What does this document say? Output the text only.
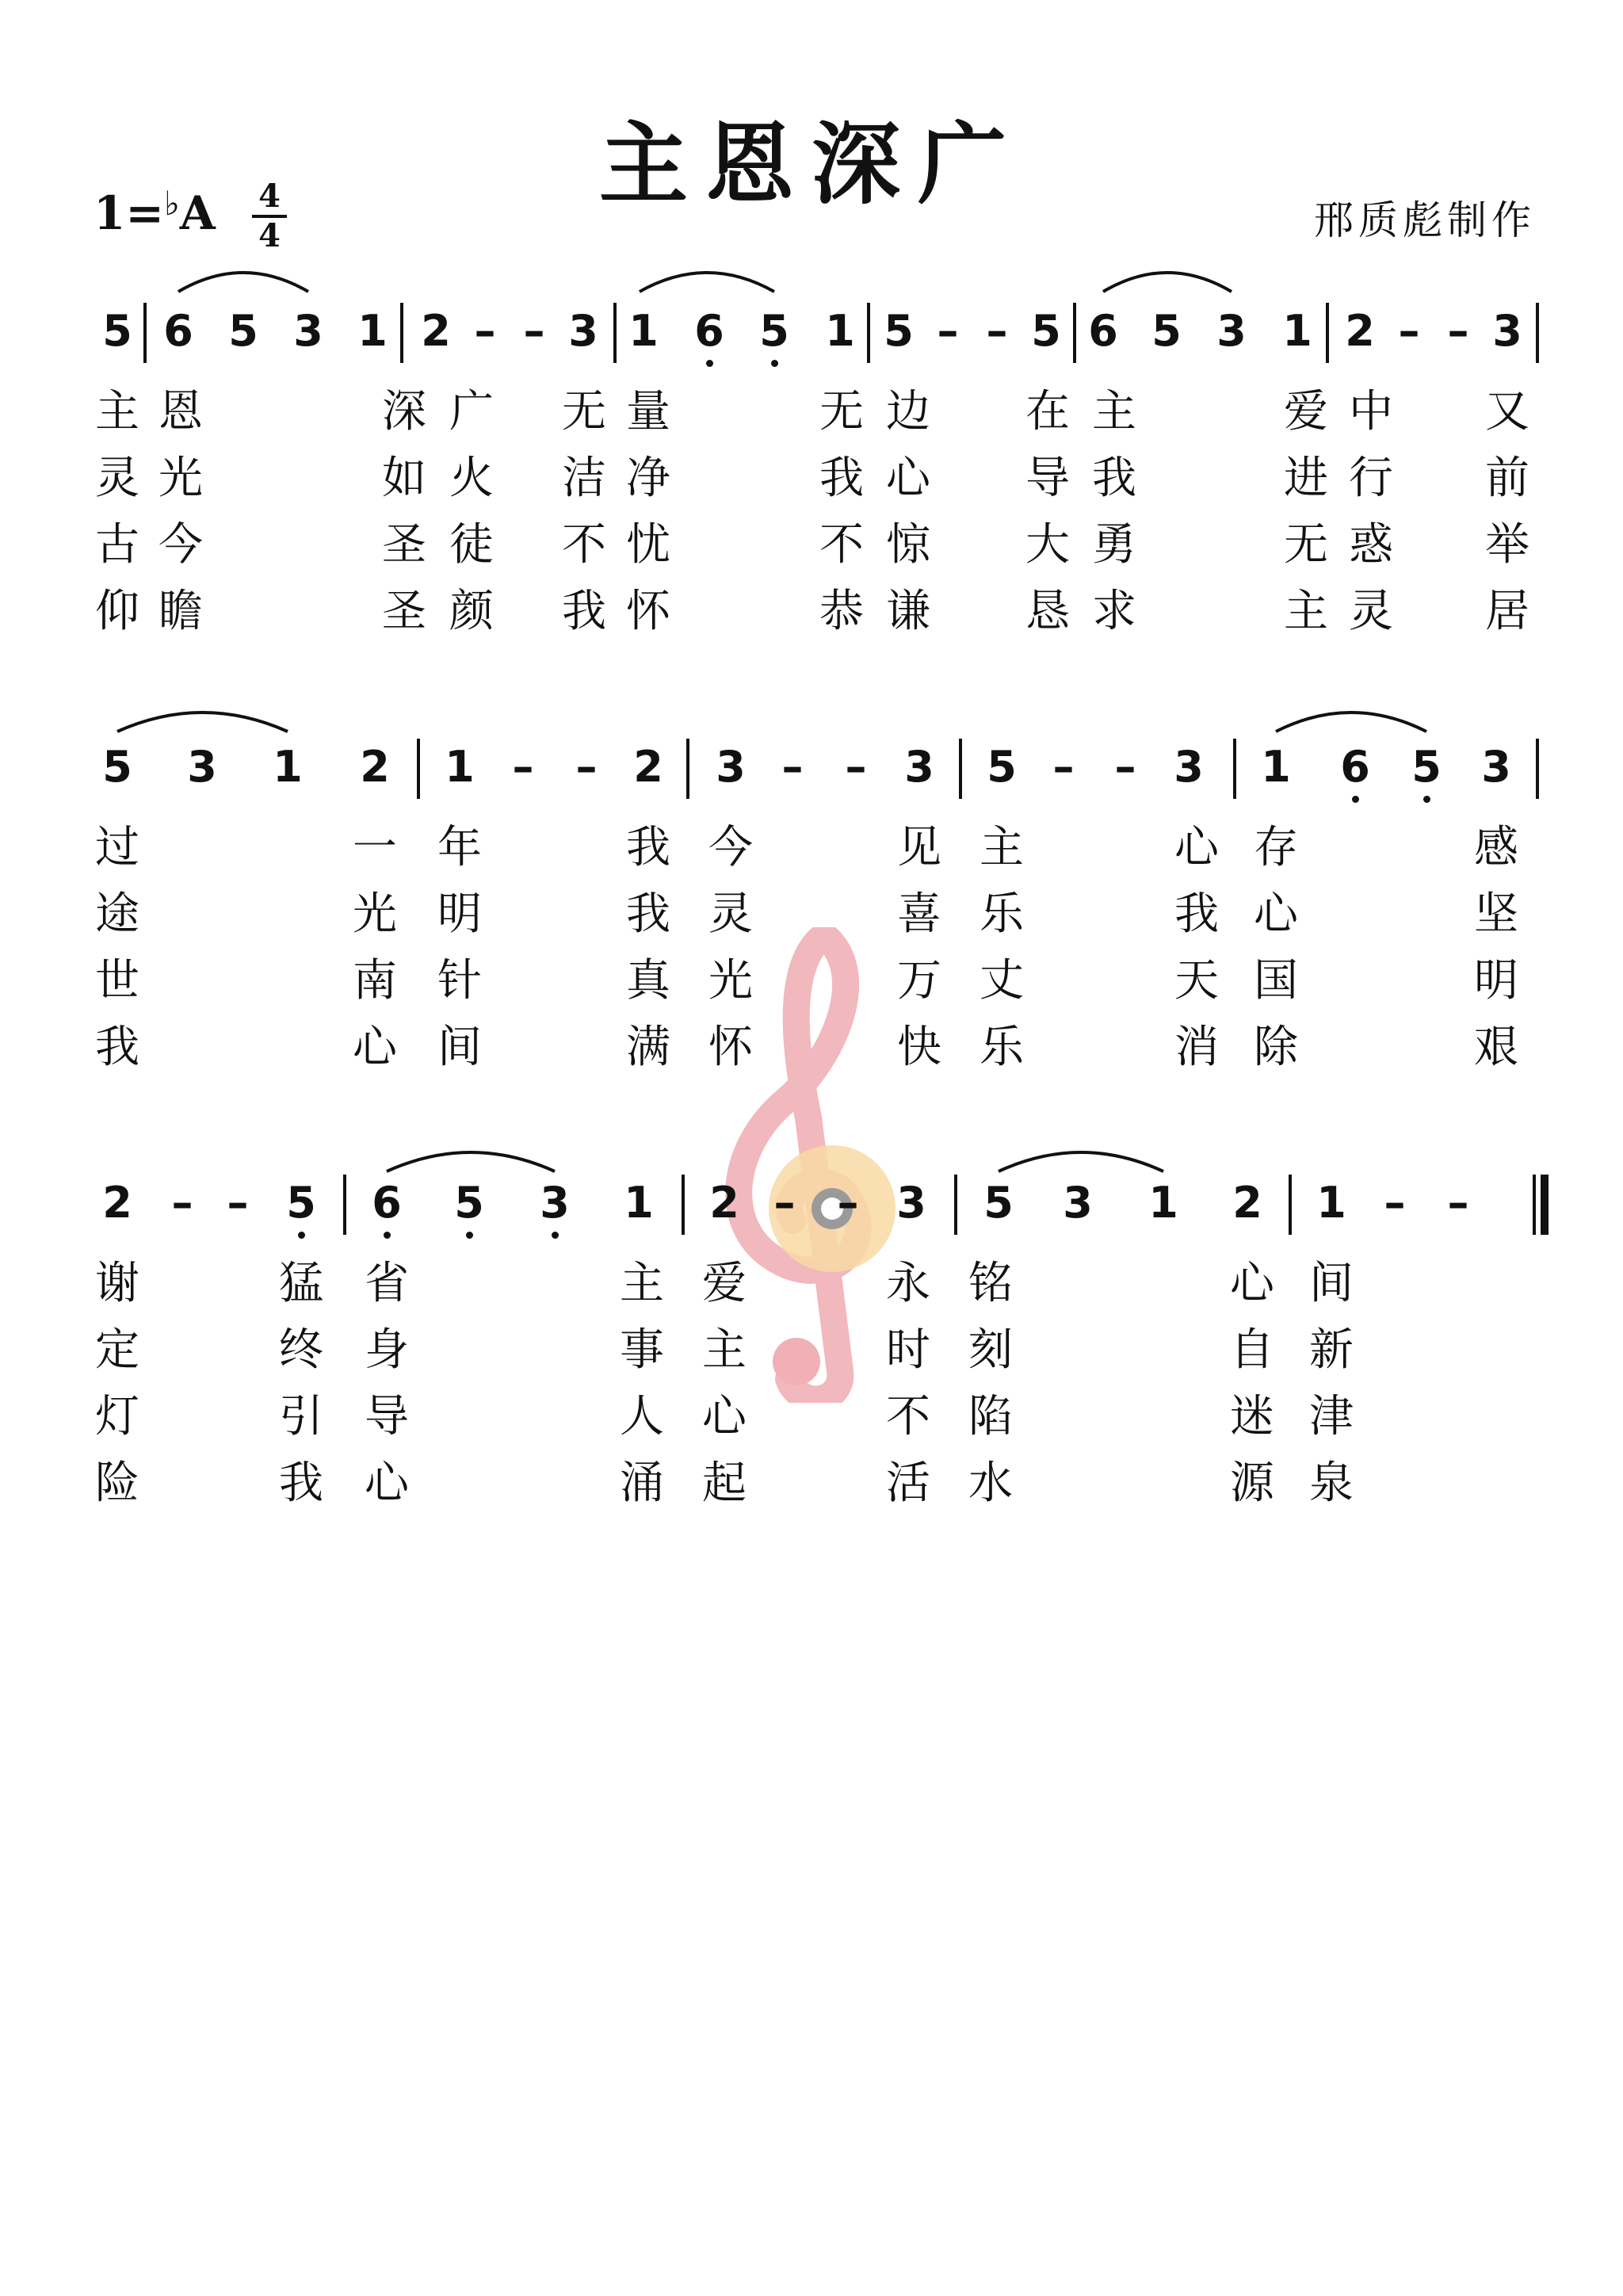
主恩深广
1=♭A 4
4	邢质彪制作
5 6 5 3 1 2 – – 3 1 6 5 1 5 – – 5 6 5 3 1 2 – – 3
主 恩	深 广 无 量	无 边 在 主	爱 中 又
灵 光	如 火 洁 净	我 心 导 我	进 行 前
古 今	圣 徒 不 忧	不 惊 大 勇	无 惑 举
仰 瞻	圣 颜 我 怀	恭 谦 恳 求	主 灵 居
5 3 1 2 1 – – 2 3 – – 3 5 – – 3 1 6 5 3
过	一 年	我 今	见 主	心 存	感
途	光 明	我 灵	喜 乐	我 心	坚
世	南 针	真 光	万 丈	天 国	明
我	心 间	满 怀	快 乐	消 除	艰
2 – – 5 6 5 3 1 2 – – 3 5 3 1 2 1 – –
谢	猛 省	主 爱	永 铭	心 间
定	终 身	事 主	时 刻	自 新
灯	引 导	人 心	不 陷	迷 津
险	我 心	涌 起	活 水	源 泉
